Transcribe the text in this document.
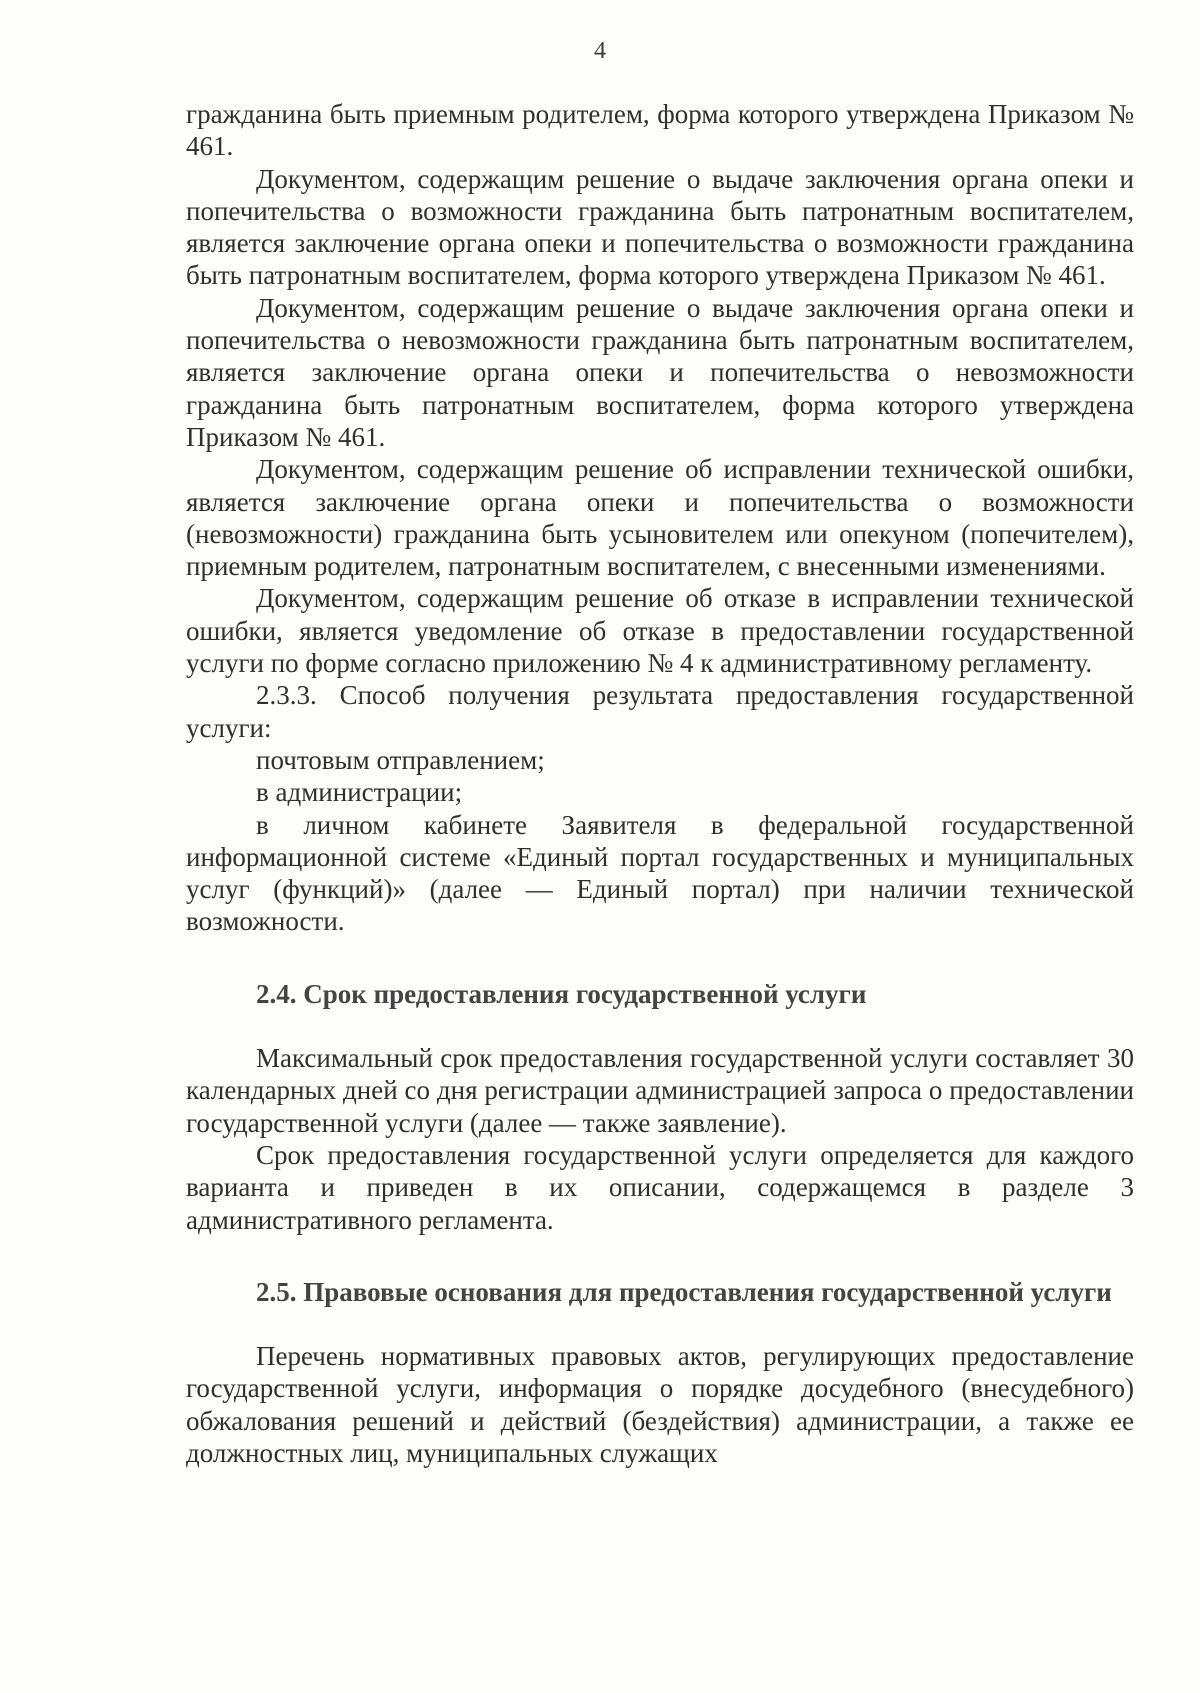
4

гражданина быть приемным родителем, форма которого утверждена Приказом № 461.

Документом, содержащим решение о выдаче заключения органа опеки и попечительства о возможности гражданина быть патронатным воспитателем, является заключение органа опеки и попечительства о возможности гражданина быть патронатным воспитателем, форма которого утверждена Приказом № 461.

Документом, содержащим решение о выдаче заключения органа опеки и попечительства о невозможности гражданина быть патронатным воспитателем, является заключение органа опеки и попечительства о невозможности гражданина быть патронатным воспитателем, форма которого утверждена Приказом № 461.

Документом, содержащим решение об исправлении технической ошибки, является заключение органа опеки и попечительства о возможности (невозможности) гражданина быть усыновителем или опекуном (попечителем), приемным родителем, патронатным воспитателем, с внесенными изменениями.

Документом, содержащим решение об отказе в исправлении технической ошибки, является уведомление об отказе в предоставлении государственной услуги по форме согласно приложению № 4 к административному регламенту.

2.3.3. Способ получения результата предоставления государственной услуги:

почтовым отправлением;

в администрации;

в личном кабинете Заявителя в федеральной государственной информационной системе «Единый портал государственных и муниципальных услуг (функций)» (далее — Единый портал) при наличии технической возможности.

2.4. Срок предоставления государственной услуги

Максимальный срок предоставления государственной услуги составляет 30 календарных дней со дня регистрации администрацией запроса о предоставлении государственной услуги (далее — также заявление).

Срок предоставления государственной услуги определяется для каждого варианта и приведен в их описании, содержащемся в разделе 3 административного регламента.

2.5. Правовые основания для предоставления государственной услуги

Перечень нормативных правовых актов, регулирующих предоставление государственной услуги, информация о порядке досудебного (внесудебного) обжалования решений и действий (бездействия) администрации, а также ее должностных лиц, муниципальных служащих
